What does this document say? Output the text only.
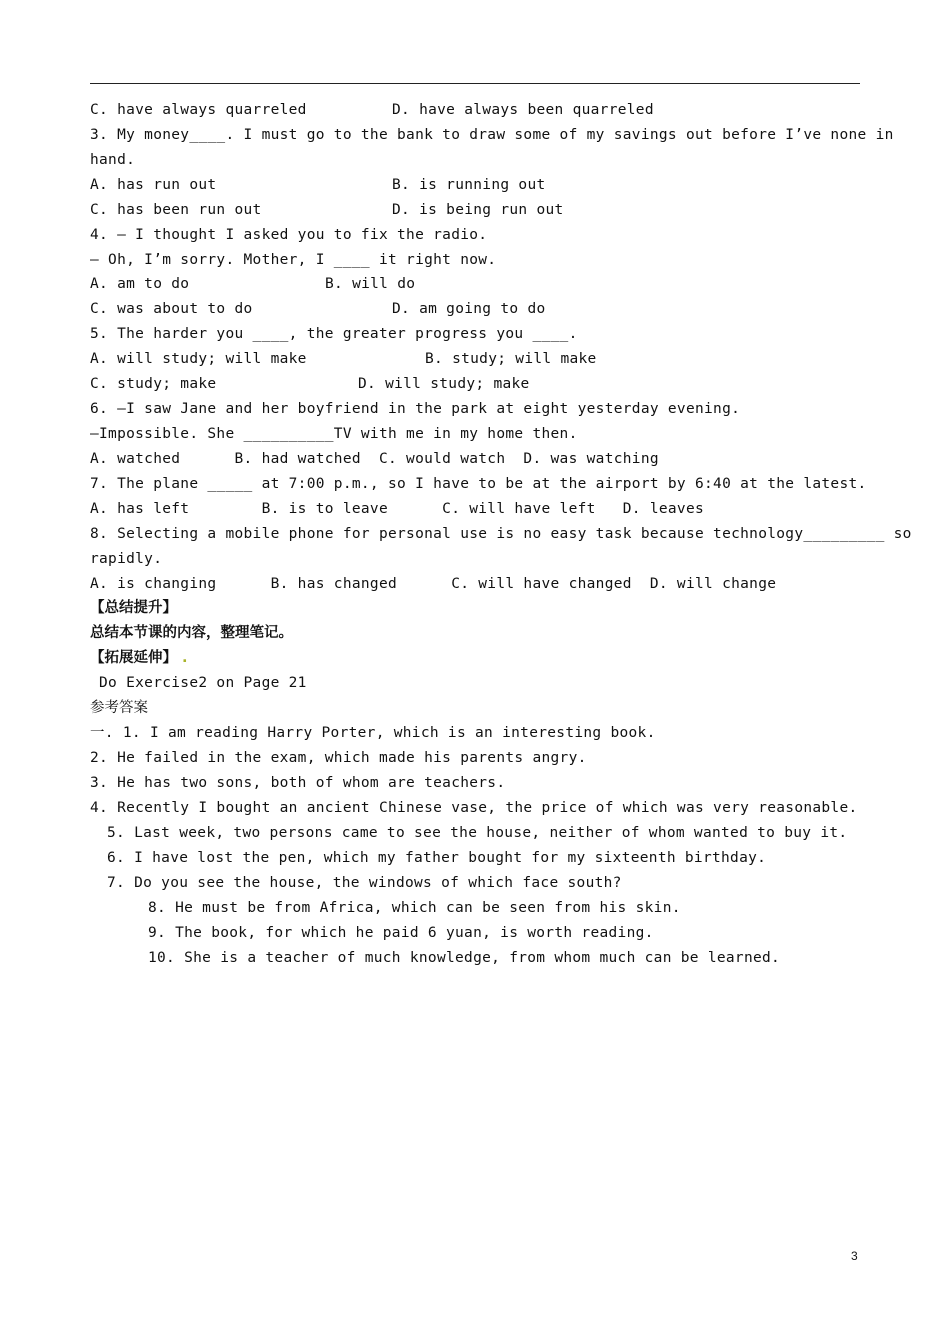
C. have always quarreled	D. have always been quarreled
3. My money____. I must go to the bank to draw some of my savings out before I’ve none in
hand.
A. has run out	B. is running out
C. has been run out	D. is being run out
4. — I thought I asked you to fix the radio.
— Oh, I’m sorry. Mother, I ____ it right now.
A. am to do	B. will do
C. was about to do	D. am going to do
5. The harder you ____, the greater progress you ____.
A. will study; will make	B. study; will make
C. study; make	D. will study; make
6. —I saw Jane and her boyfriend in the park at eight yesterday evening.
—Impossible. She __________TV with me in my home then.
A. watched      B. had watched  C. would watch  D. was watching
7. The plane _____ at 7:00 p.m., so I have to be at the airport by 6:40 at the latest.
A. has left        B. is to leave      C. will have left   D. leaves
8. Selecting a mobile phone for personal use is no easy task because technology_________ so
rapidly.
A. is changing      B. has changed      C. will have changed  D. will change
【总结提升】
总结本节课的内容，整理笔记。
【拓展延伸】 .
Do Exercise2 on Page 21
参考答案
一. 1. I am reading Harry Porter, which is an interesting book.
2. He failed in the exam, which made his parents angry.
3. He has two sons, both of whom are teachers.
4. Recently I bought an ancient Chinese vase, the price of which was very reasonable.
5. Last week, two persons came to see the house, neither of whom wanted to buy it.
6. I have lost the pen, which my father bought for my sixteenth birthday.
7. Do you see the house, the windows of which face south?
8. He must be from Africa, which can be seen from his skin.
9. The book, for which he paid 6 yuan, is worth reading.
10. She is a teacher of much knowledge, from whom much can be learned.
3
